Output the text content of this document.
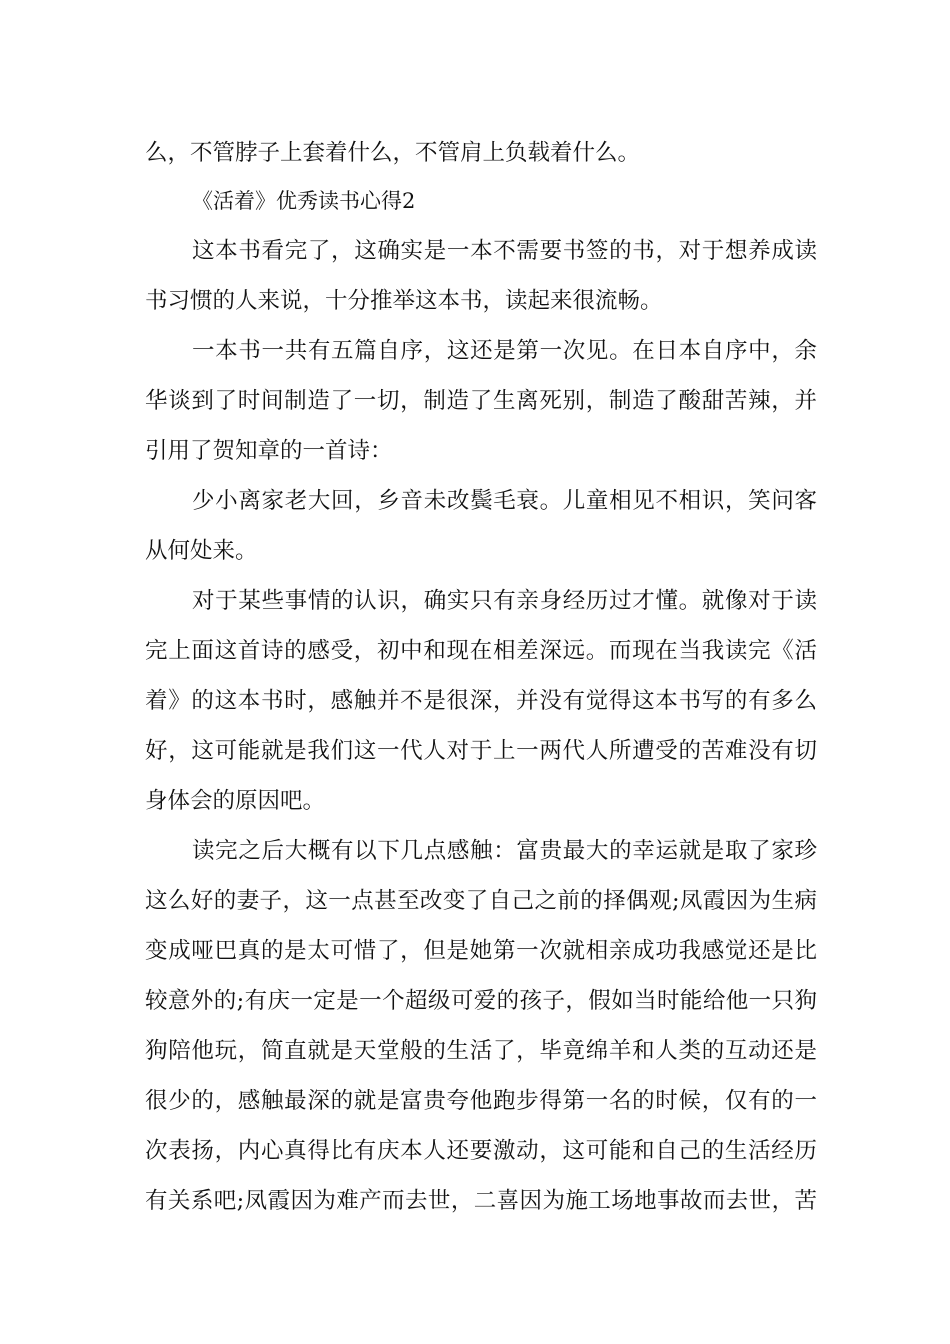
么，不管脖子上套着什么，不管肩上负载着什么。
《活着》优秀读书心得2
这本书看完了，这确实是一本不需要书签的书，对于想养成读
书习惯的人来说，十分推举这本书，读起来很流畅。
一本书一共有五篇自序，这还是第一次见。在日本自序中，余
华谈到了时间制造了一切，制造了生离死别，制造了酸甜苦辣，并
引用了贺知章的一首诗：
少小离家老大回，乡音未改鬓毛衰。儿童相见不相识，笑问客
从何处来。
对于某些事情的认识，确实只有亲身经历过才懂。就像对于读
完上面这首诗的感受，初中和现在相差深远。而现在当我读完《活
着》的这本书时，感触并不是很深，并没有觉得这本书写的有多么
好，这可能就是我们这一代人对于上一两代人所遭受的苦难没有切
身体会的原因吧。
读完之后大概有以下几点感触：富贵最大的幸运就是取了家珍
这么好的妻子，这一点甚至改变了自己之前的择偶观;凤霞因为生病
变成哑巴真的是太可惜了，但是她第一次就相亲成功我感觉还是比
较意外的;有庆一定是一个超级可爱的孩子，假如当时能给他一只狗
狗陪他玩，简直就是天堂般的生活了，毕竟绵羊和人类的互动还是
很少的，感触最深的就是富贵夸他跑步得第一名的时候，仅有的一
次表扬，内心真得比有庆本人还要激动，这可能和自己的生活经历
有关系吧;凤霞因为难产而去世，二喜因为施工场地事故而去世，苦
